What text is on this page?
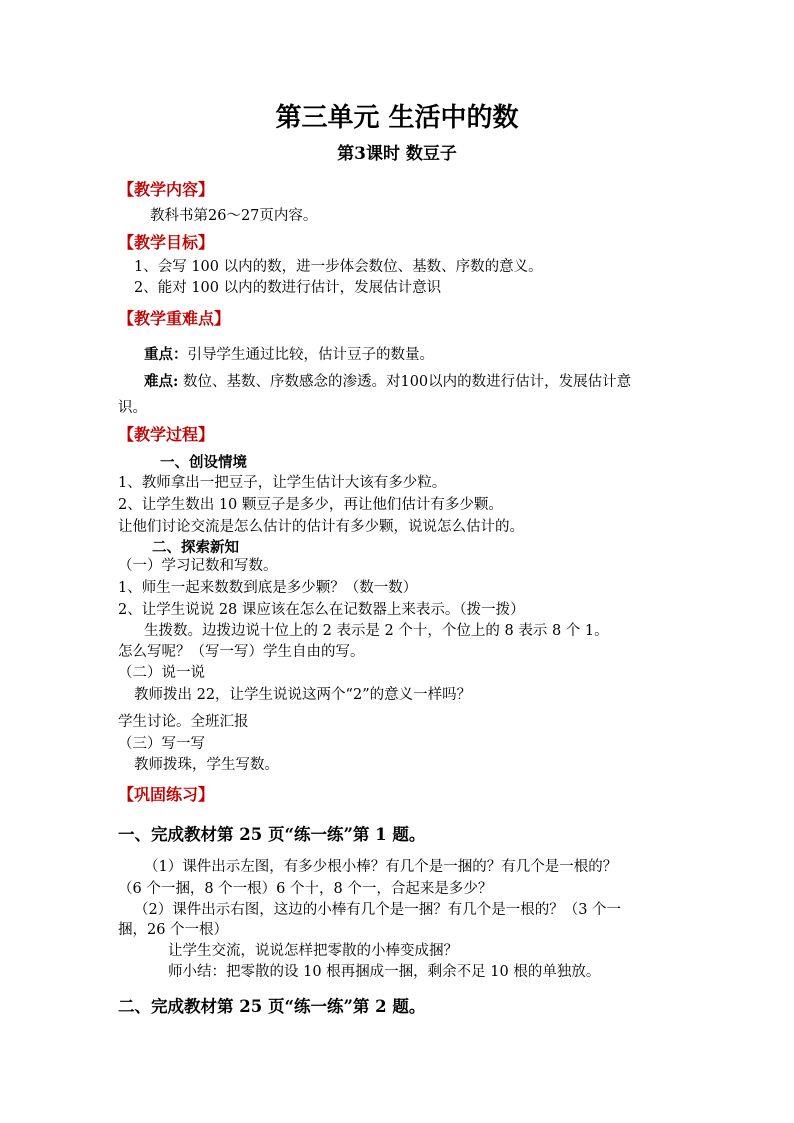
第三单元 生活中的数
第3课时 数豆子
【教学内容】
教科书第26～27页内容。
【教学目标】
1、会写 100 以内的数，进一步体会数位、基数、序数的意义。
2、能对 100 以内的数进行估计，发展估计意识
【教学重难点】
重点：引导学生通过比较，估计豆子的数量。
难点: 数位、基数、序数感念的渗透。对100以内的数进行估计，发展估计意
识。
【教学过程】
一、创设情境
1、教师拿出一把豆子，让学生估计大该有多少粒。
2、让学生数出 10 颗豆子是多少，再让他们估计有多少颗。
让他们讨论交流是怎么估计的估计有多少颗，说说怎么估计的。
二、探索新知
（一）学习记数和写数。
1、师生一起来数数到底是多少颗？（数一数）
2、让学生说说 28 课应该在怎么在记数器上来表示。（拨一拨）
生拨数。边拨边说十位上的 2 表示是 2 个十，个位上的 8 表示 8 个 1。
怎么写呢？（写一写）学生自由的写。
（二）说一说
教师拨出 22，让学生说说这两个“2”的意义一样吗？
学生讨论。全班汇报
（三）写一写
教师拨珠，学生写数。
【巩固练习】
一、完成教材第 25 页“练一练”第 1 题。
（1）课件出示左图，有多少根小棒？有几个是一捆的？有几个是一根的？
（6 个一捆，8 个一根）6 个十，8 个一，合起来是多少？
（2）课件出示右图，这边的小棒有几个是一捆？有几个是一根的？（3 个一
捆，26 个一根）
让学生交流，说说怎样把零散的小棒变成捆？
师小结：把零散的设 10 根再捆成一捆，剩余不足 10 根的单独放。
二、完成教材第 25 页“练一练”第 2 题。
